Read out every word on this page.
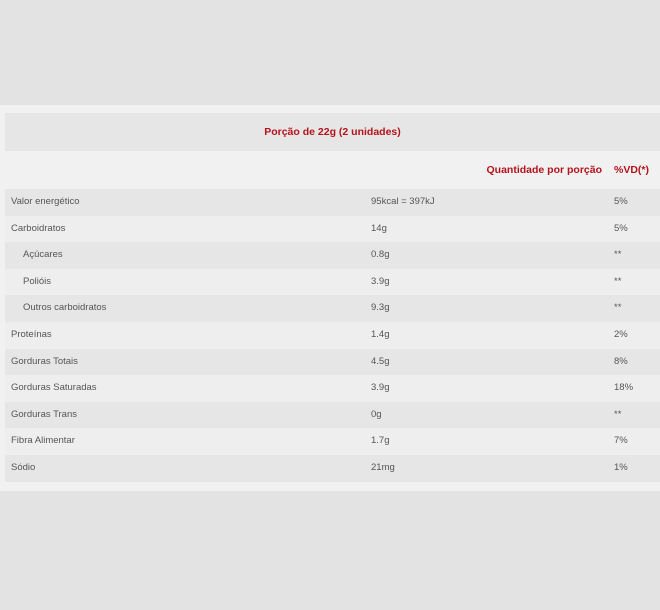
Porção de 22g (2 unidades)
Quantidade por porção %VD(*)
Valor energético	95kcal = 397kJ	5%
Carboidratos	14g	5%
Açúcares	0.8g	**
Polióis	3.9g	**
Outros carboidratos	9.3g	**
Proteínas	1.4g	2%
Gorduras Totais	4.5g	8%
Gorduras Saturadas	3.9g	18%
Gorduras Trans	0g	**
Fibra Alimentar	1.7g	7%
Sódio	21mg	1%
